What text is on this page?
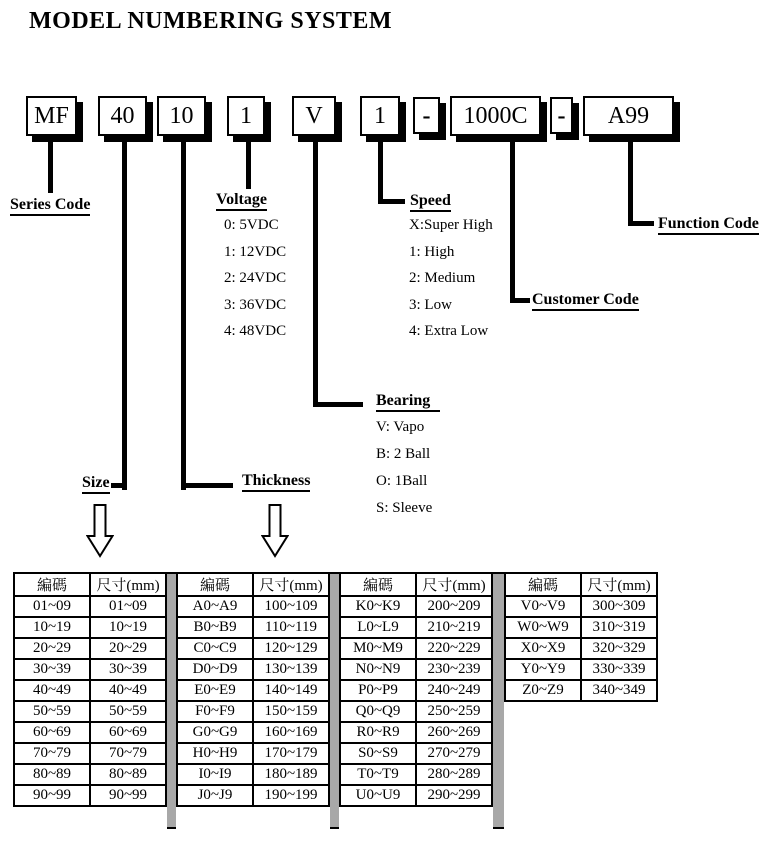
MODEL NUMBERING SYSTEM
MF	40	10	1	V	1	-	1000C	-	A99
Series Code	Voltage	Speed
Function Code
Customer Code
Bearing
Size	Thickness
0: 5VDC
1: 12VDC
2: 24VDC
3: 36VDC
4: 48VDC
X:Super High
1: High
2: Medium
3: Low
4: Extra Low
V: Vapo
B: 2 Ball
O: 1Ball
S: Sleeve
編碼	尺寸(mm)
01~09	01~09
10~19	10~19
20~29	20~29
30~39	30~39
40~49	40~49
50~59	50~59
60~69	60~69
70~79	70~79
80~89	80~89
90~99	90~99
編碼	尺寸(mm)
A0~A9	100~109
B0~B9	110~119
C0~C9	120~129
D0~D9	130~139
E0~E9	140~149
F0~F9	150~159
G0~G9	160~169
H0~H9	170~179
I0~I9	180~189
J0~J9	190~199
編碼	尺寸(mm)
K0~K9	200~209
L0~L9	210~219
M0~M9	220~229
N0~N9	230~239
P0~P9	240~249
Q0~Q9	250~259
R0~R9	260~269
S0~S9	270~279
T0~T9	280~289
U0~U9	290~299
編碼	尺寸(mm)
V0~V9	300~309
W0~W9	310~319
X0~X9	320~329
Y0~Y9	330~339
Z0~Z9	340~349
